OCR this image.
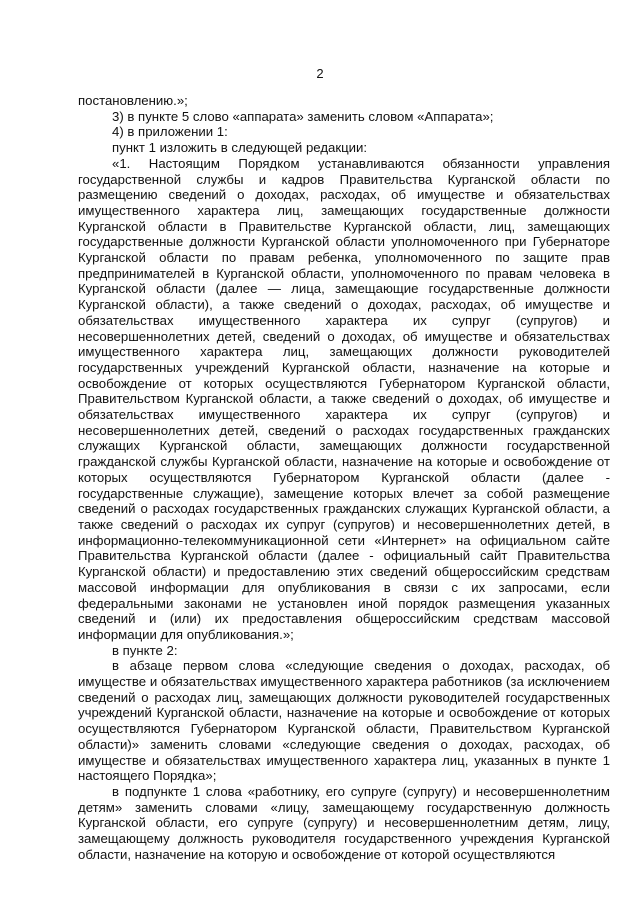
2

постановлению.»;

3) в пункте 5 слово «аппарата» заменить словом «Аппарата»;

4) в приложении 1:

пункт 1 изложить в следующей редакции:

«1. Настоящим Порядком устанавливаются обязанности управления государственной службы и кадров Правительства Курганской области по размещению сведений о доходах, расходах, об имуществе и обязательствах имущественного характера лиц, замещающих государственные должности Курганской области в Правительстве Курганской области, лиц, замещающих государственные должности Курганской области уполномоченного при Губернаторе Курганской области по правам ребенка, уполномоченного по защите прав предпринимателей в Курганской области, уполномоченного по правам человека в Курганской области (далее — лица, замещающие государственные должности Курганской области), а также сведений о доходах, расходах, об имуществе и обязательствах имущественного характера их супруг (супругов) и несовершеннолетних детей, сведений о доходах, об имуществе и обязательствах имущественного характера лиц, замещающих должности руководителей государственных учреждений Курганской области, назначение на которые и освобождение от которых осуществляются Губернатором Курганской области, Правительством Курганской области, а также сведений о доходах, об имуществе и обязательствах имущественного характера их супруг (супругов) и несовершеннолетних детей, сведений о расходах государственных гражданских служащих Курганской области, замещающих должности государственной гражданской службы Курганской области, назначение на которые и освобождение от которых осуществляются Губернатором Курганской области (далее - государственные служащие), замещение которых влечет за собой размещение сведений о расходах государственных гражданских служащих Курганской области, а также сведений о расходах их супруг (супругов) и несовершеннолетних детей, в информационно-телекоммуникационной сети «Интернет» на официальном сайте Правительства Курганской области (далее - официальный сайт Правительства Курганской области) и предоставлению этих сведений общероссийским средствам массовой информации для опубликования в связи с их запросами, если федеральными законами не установлен иной порядок размещения указанных сведений и (или) их предоставления общероссийским средствам массовой информации для опубликования.»;

в пункте 2:

в абзаце первом слова «следующие сведения о доходах, расходах, об имуществе и обязательствах имущественного характера работников (за исключением сведений о расходах лиц, замещающих должности руководителей государственных учреждений Курганской области, назначение на которые и освобождение от которых осуществляются Губернатором Курганской области, Правительством Курганской области)» заменить словами «следующие сведения о доходах, расходах, об имуществе и обязательствах имущественного характера лиц, указанных в пункте 1 настоящего Порядка»;

в подпункте 1 слова «работнику, его супруге (супругу) и несовершеннолетним детям» заменить словами «лицу, замещающему государственную должность Курганской области, его супруге (супругу) и несовершеннолетним детям, лицу, замещающему должность руководителя государственного учреждения Курганской области, назначение на которую и освобождение от которой осуществляются
